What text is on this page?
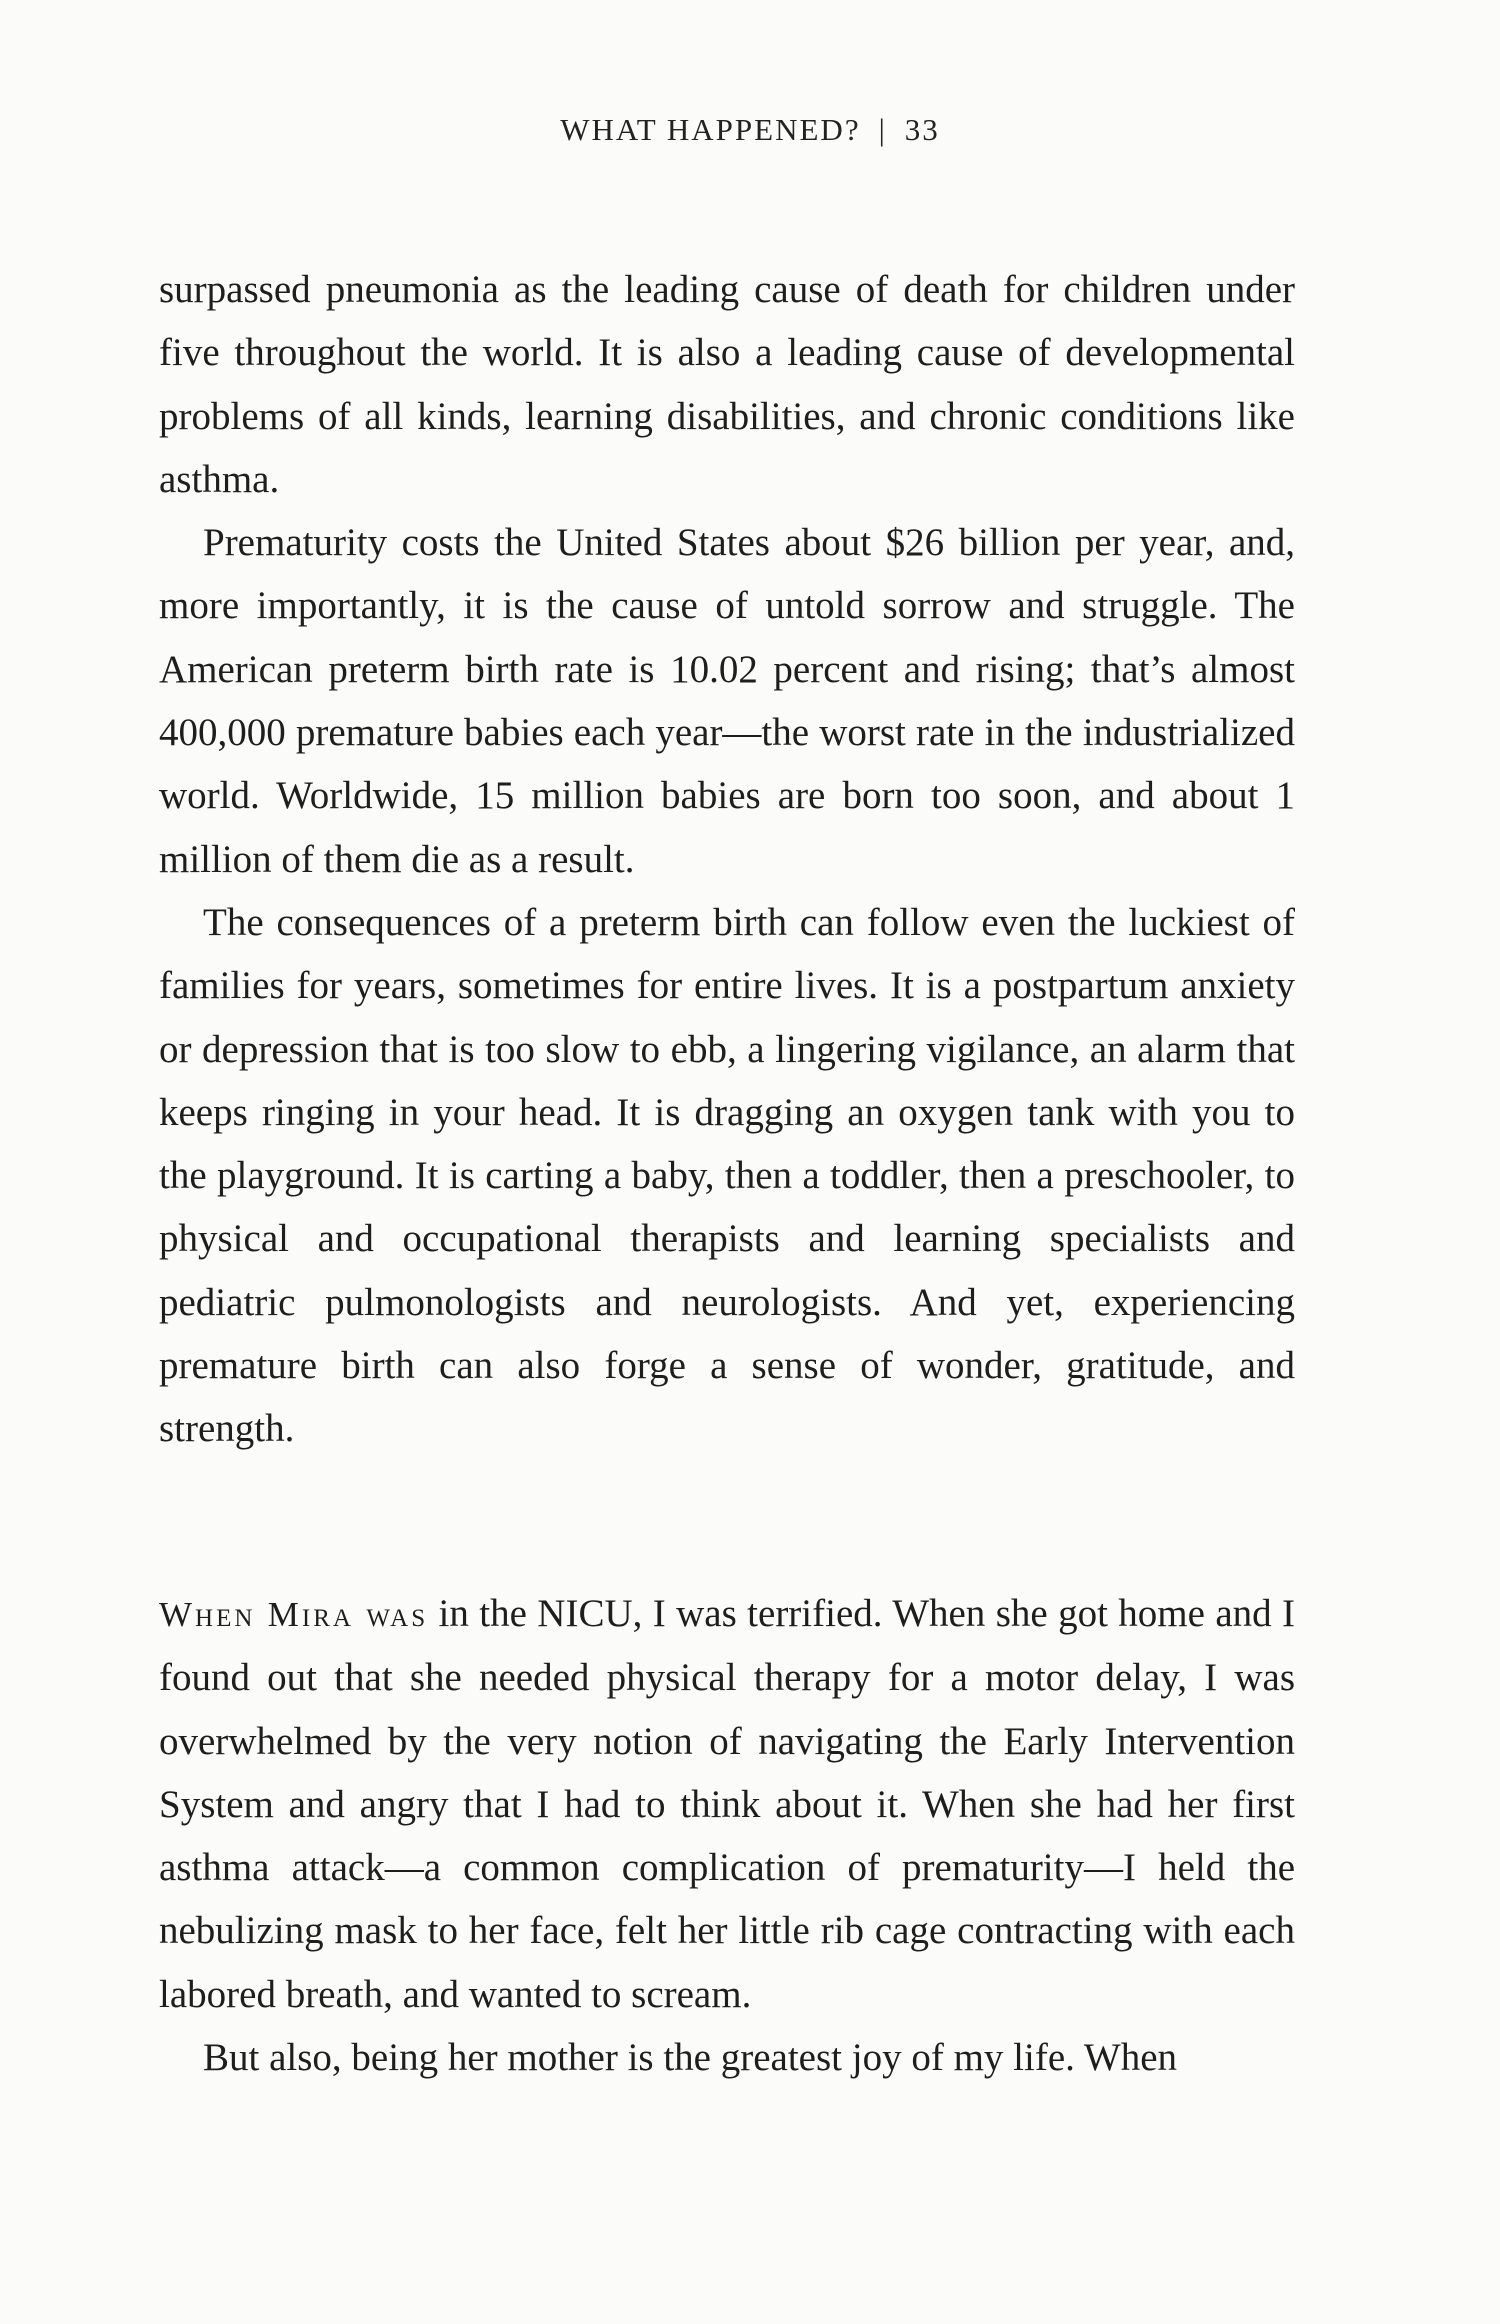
WHAT HAPPENED? | 33

surpassed pneumonia as the leading cause of death for children under five throughout the world. It is also a leading cause of developmental problems of all kinds, learning disabilities, and chronic conditions like asthma.

Prematurity costs the United States about $26 billion per year, and, more importantly, it is the cause of untold sorrow and struggle. The American preterm birth rate is 10.02 percent and rising; that’s almost 400,000 premature babies each year—the worst rate in the industrialized world. Worldwide, 15 million babies are born too soon, and about 1 million of them die as a result.

The consequences of a preterm birth can follow even the luckiest of families for years, sometimes for entire lives. It is a postpartum anxiety or depression that is too slow to ebb, a lingering vigilance, an alarm that keeps ringing in your head. It is dragging an oxygen tank with you to the playground. It is carting a baby, then a toddler, then a preschooler, to physical and occupational therapists and learning specialists and pediatric pulmonologists and neurologists. And yet, experiencing premature birth can also forge a sense of wonder, gratitude, and strength.

When Mira was in the NICU, I was terrified. When she got home and I found out that she needed physical therapy for a motor delay, I was overwhelmed by the very notion of navigating the Early Intervention System and angry that I had to think about it. When she had her first asthma attack—a common complication of prematurity—I held the nebulizing mask to her face, felt her little rib cage contracting with each labored breath, and wanted to scream.

But also, being her mother is the greatest joy of my life. When
